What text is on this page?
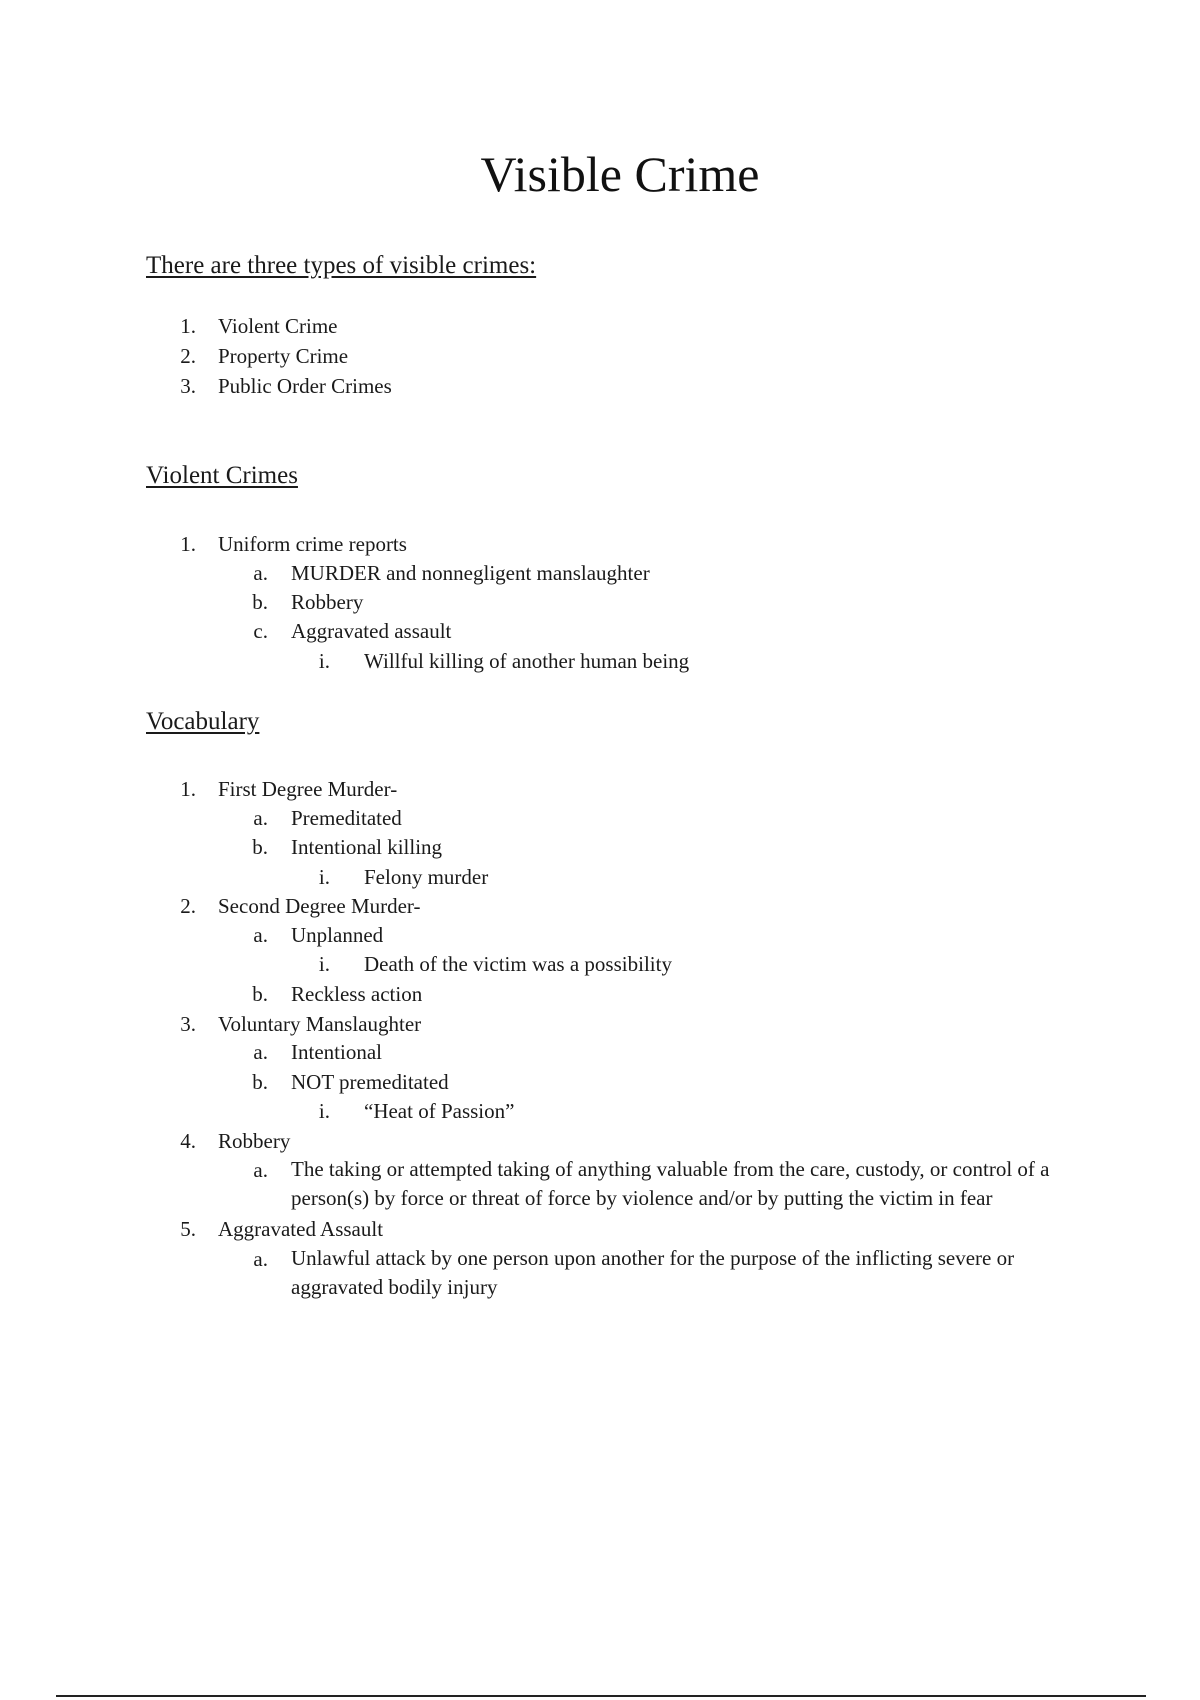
Visible Crime
There are three types of visible crimes:
1. Violent Crime
2. Property Crime
3. Public Order Crimes
Violent Crimes
1. Uniform crime reports
a. MURDER and nonnegligent manslaughter
b. Robbery
c. Aggravated assault
i. Willful killing of another human being
Vocabulary
1. First Degree Murder-
a. Premeditated
b. Intentional killing
i. Felony murder
2. Second Degree Murder-
a. Unplanned
i. Death of the victim was a possibility
b. Reckless action
3. Voluntary Manslaughter
a. Intentional
b. NOT premeditated
i. “Heat of Passion”
4. Robbery
a. The taking or attempted taking of anything valuable from the care, custody, or control of a person(s) by force or threat of force by violence and/or by putting the victim in fear
5. Aggravated Assault
a. Unlawful attack by one person upon another for the purpose of the inflicting severe or aggravated bodily injury
